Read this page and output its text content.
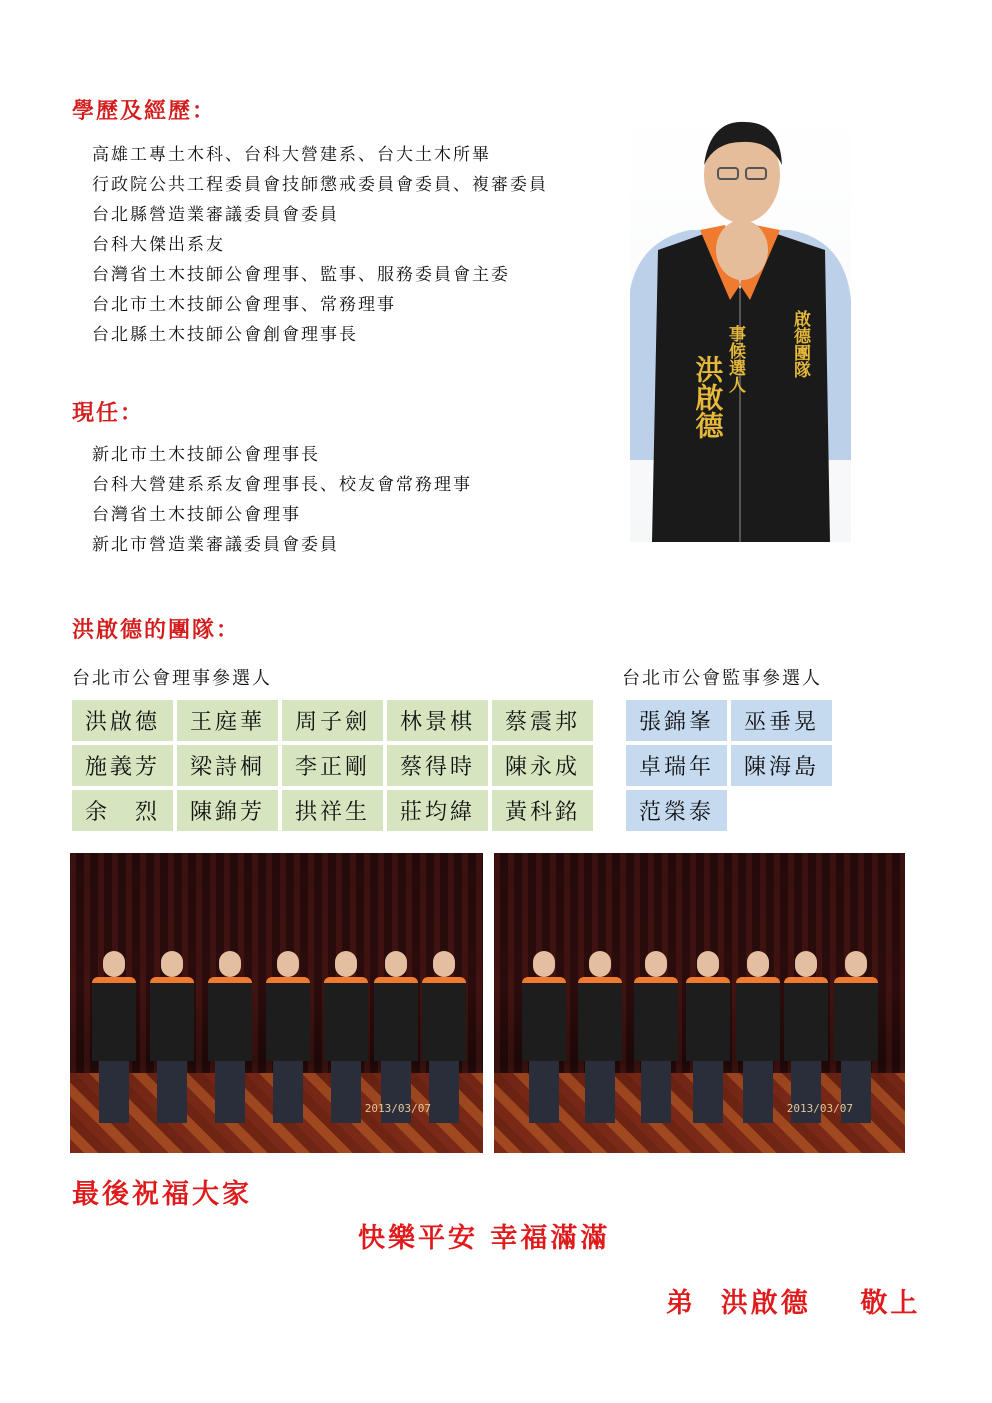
學歷及經歷：
高雄工專土木科、台科大營建系、台大土木所畢
行政院公共工程委員會技師懲戒委員會委員、複審委員
台北縣營造業審議委員會委員
台科大傑出系友
台灣省土木技師公會理事、監事、服務委員會主委
台北市土木技師公會理事、常務理事
台北縣土木技師公會創會理事長
現任：
新北市土木技師公會理事長
台科大營建系系友會理事長、校友會常務理事
台灣省土木技師公會理事
新北市營造業審議委員會委員
事候選人
洪啟德
啟德團隊
洪啟德的團隊：
台北市公會理事參選人	台北市公會監事參選人
洪啟德	王庭華	周子劍	林景棋	蔡震邦
施義芳	梁詩桐	李正剛	蔡得時	陳永成
余　烈	陳錦芳	拱祥生	莊均緯	黃科銘
張錦峯	巫垂晃
卓瑞年	陳海島
范榮泰	
2013/03/07	2013/03/07

最後祝福大家

快樂平安 幸福滿滿

弟  洪啟德    敬上
